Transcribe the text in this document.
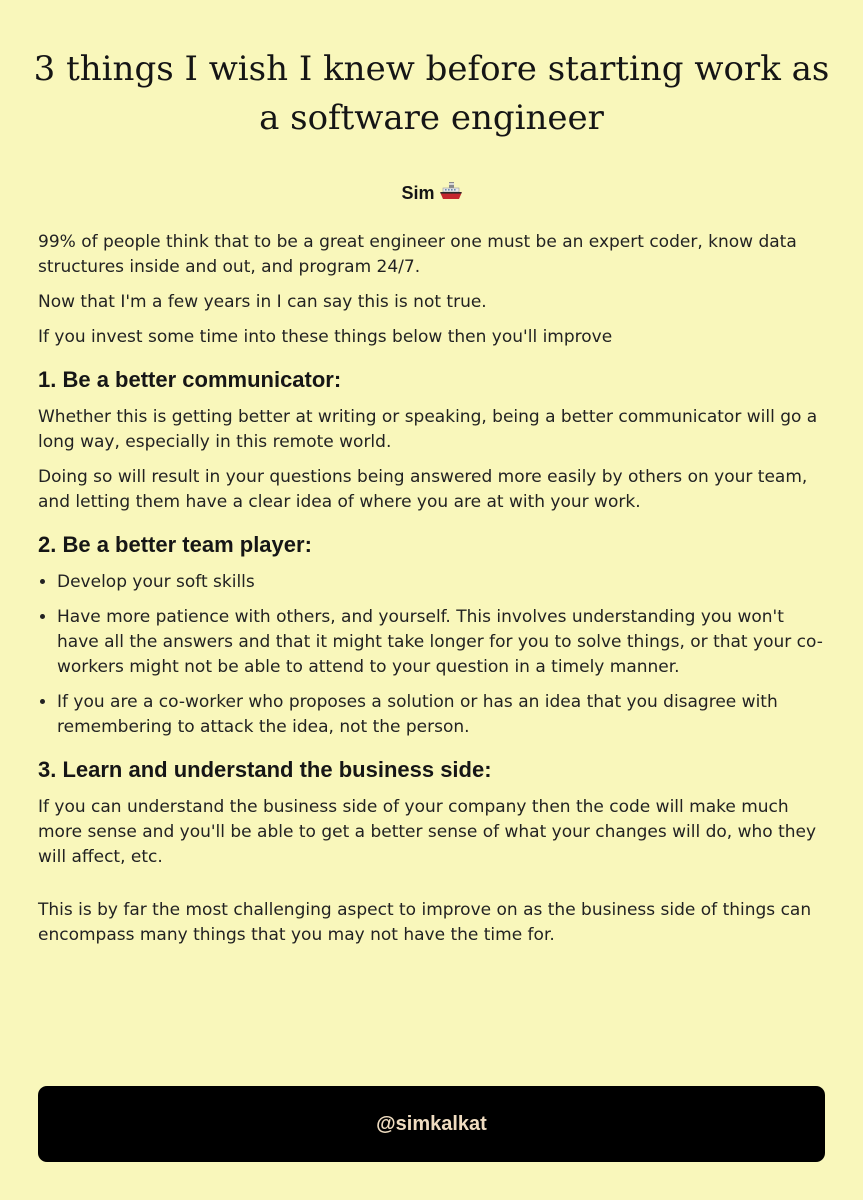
3 things I wish I knew before starting work as a software engineer
Sim

99% of people think that to be a great engineer one must be an expert coder, know data structures inside and out, and program 24/7.

Now that I'm a few years in I can say this is not true.

If you invest some time into these things below then you'll improve

1. Be a better communicator:

Whether this is getting better at writing or speaking, being a better communicator will go a long way, especially in this remote world.

Doing so will result in your questions being answered more easily by others on your team, and letting them have a clear idea of where you are at with your work.

2. Be a better team player:
• Develop your soft skills
• Have more patience with others, and yourself. This involves understanding you won't have all the answers and that it might take longer for you to solve things, or that your co-workers might not be able to attend to your question in a timely manner.
• If you are a co-worker who proposes a solution or has an idea that you disagree with remembering to attack the idea, not the person.
3. Learn and understand the business side:

If you can understand the business side of your company then the code will make much more sense and you'll be able to get a better sense of what your changes will do, who they will affect, etc.

This is by far the most challenging aspect to improve on as the business side of things can encompass many things that you may not have the time for.

@simkalkat
